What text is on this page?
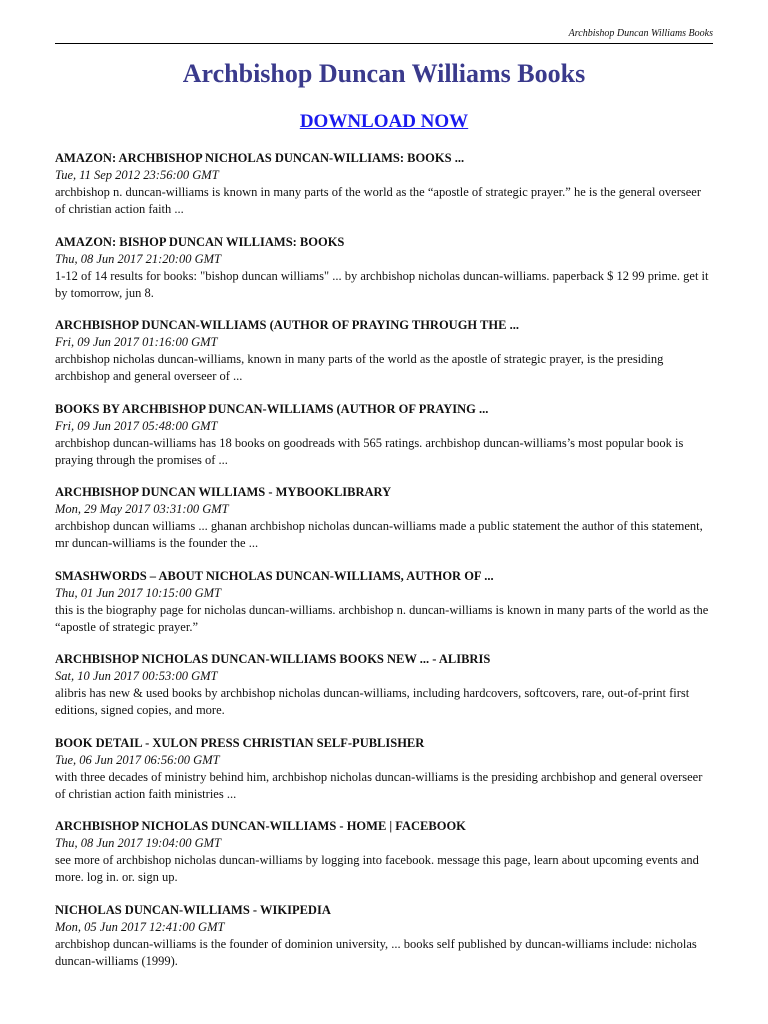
Archbishop Duncan Williams Books
Archbishop Duncan Williams Books
DOWNLOAD NOW
AMAZON: ARCHBISHOP NICHOLAS DUNCAN-WILLIAMS: BOOKS ...
Tue, 11 Sep 2012 23:56:00 GMT
archbishop n. duncan-williams is known in many parts of the world as the “apostle of strategic prayer.” he is the general overseer of christian action faith ...
AMAZON: BISHOP DUNCAN WILLIAMS: BOOKS
Thu, 08 Jun 2017 21:20:00 GMT
1-12 of 14 results for books: "bishop duncan williams" ... by archbishop nicholas duncan-williams. paperback $ 12 99 prime. get it by tomorrow, jun 8.
ARCHBISHOP DUNCAN-WILLIAMS (AUTHOR OF PRAYING THROUGH THE ...
Fri, 09 Jun 2017 01:16:00 GMT
archbishop nicholas duncan-williams, known in many parts of the world as the apostle of strategic prayer, is the presiding archbishop and general overseer of ...
BOOKS BY ARCHBISHOP DUNCAN-WILLIAMS (AUTHOR OF PRAYING ...
Fri, 09 Jun 2017 05:48:00 GMT
archbishop duncan-williams has 18 books on goodreads with 565 ratings. archbishop duncan-williams’s most popular book is praying through the promises of ...
ARCHBISHOP DUNCAN WILLIAMS - MYBOOKLIBRARY
Mon, 29 May 2017 03:31:00 GMT
archbishop duncan williams ... ghanan archbishop nicholas duncan-williams made a public statement the author of this statement, mr duncan-williams is the founder the ...
SMASHWORDS – ABOUT NICHOLAS DUNCAN-WILLIAMS, AUTHOR OF ...
Thu, 01 Jun 2017 10:15:00 GMT
this is the biography page for nicholas duncan-williams. archbishop n. duncan-williams is known in many parts of the world as the “apostle of strategic prayer.”
ARCHBISHOP NICHOLAS DUNCAN-WILLIAMS BOOKS NEW ... - ALIBRIS
Sat, 10 Jun 2017 00:53:00 GMT
alibris has new & used books by archbishop nicholas duncan-williams, including hardcovers, softcovers, rare, out-of-print first editions, signed copies, and more.
BOOK DETAIL - XULON PRESS CHRISTIAN SELF-PUBLISHER
Tue, 06 Jun 2017 06:56:00 GMT
with three decades of ministry behind him, archbishop nicholas duncan-williams is the presiding archbishop and general overseer of christian action faith ministries ...
ARCHBISHOP NICHOLAS DUNCAN-WILLIAMS - HOME | FACEBOOK
Thu, 08 Jun 2017 19:04:00 GMT
see more of archbishop nicholas duncan-williams by logging into facebook. message this page, learn about upcoming events and more. log in. or. sign up.
NICHOLAS DUNCAN-WILLIAMS - WIKIPEDIA
Mon, 05 Jun 2017 12:41:00 GMT
archbishop duncan-williams is the founder of dominion university, ... books self published by duncan-williams include: nicholas duncan-williams (1999).
